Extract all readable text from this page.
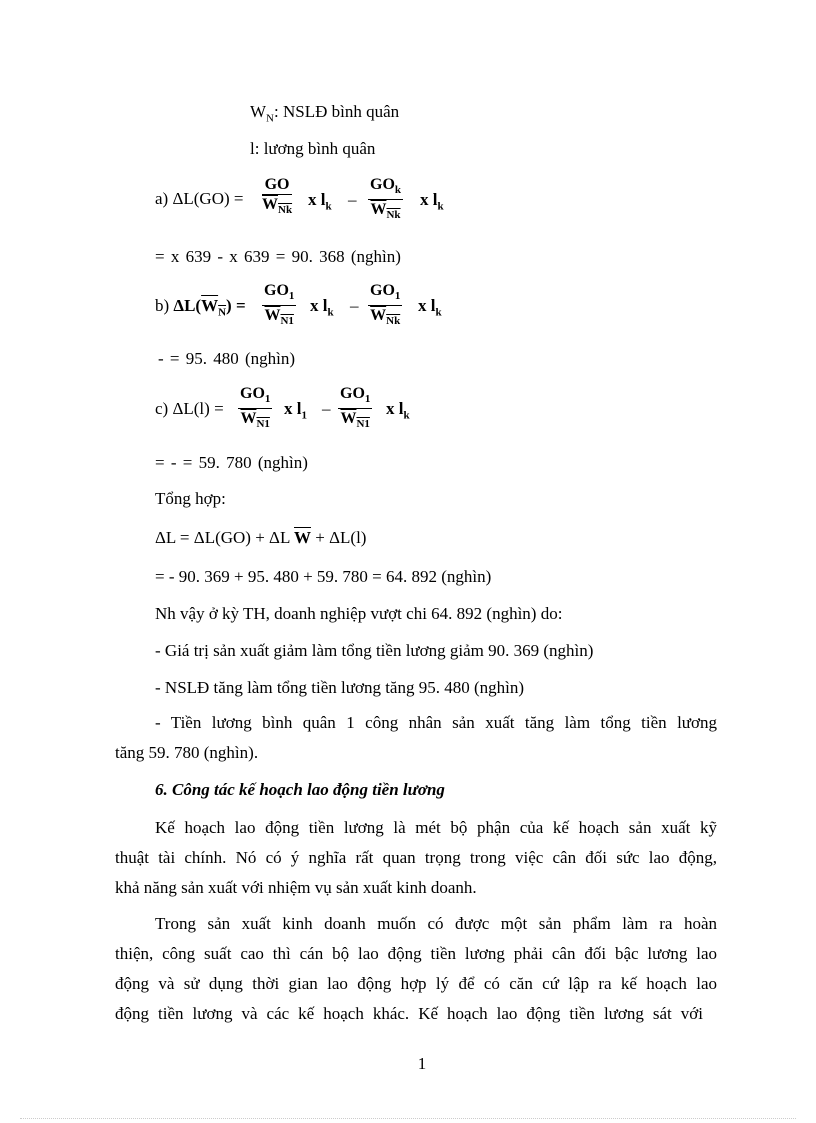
$W_N$: NSLĐ bình quân
l: lương bình quân
a) ΔL(GO) =
GO
$W_{Nk}$
x $l_k$ –
$GO_k$
$W_{Nk}$
x $l_k$
= x 639 - x 639 = 90. 368 (nghìn)
b) $\Delta L(W_N) = \frac{GO_1}{W_{N1}}$ x $l_k$ –
$GO_1$
$W_{Nk}$
x $l_k$
- = 95. 480 (nghìn)
c) $\Delta L(l) = \frac{GO_1}{W_{N1}}$ x $l_1 - \frac{GO_1}{W_{N1}}$ x $l_k$
= - = 59. 780 (nghìn)
Tổng hợp:
ΔL = ΔL(GO) + ΔL $\overline{W} + \Delta L(l)$
= - 90. 369 + 95. 480 + 59. 780 = 64. 892 (nghìn)
Nh vậy ở kỳ TH, doanh nghiệp vượt chi 64. 892 (nghìn) do:
- Giá trị sản xuất giảm làm tổng tiền lương giảm 90. 369 (nghìn)
- NSLĐ tăng làm tổng tiền lương tăng 95. 480 (nghìn)
- Tiền lương bình quân 1 công nhân sản xuất tăng làm tổng tiền lương
tăng 59. 780 (nghìn).
6. Công tác kế hoạch lao động tiền lương
Kế hoạch lao động tiền lương là mét bộ phận của kế hoạch sản xuất kỹ
thuật tài chính. Nó có ý nghĩa rất quan trọng trong việc cân đối sức lao động,
khả năng sản xuất với nhiệm vụ sản xuất kinh doanh.
Trong sản xuất kinh doanh muốn có được một sản phẩm làm ra hoàn
thiện, công suất cao thì cán bộ lao động tiền lương phải cân đối bậc lương lao
động và sử dụng thời gian lao động hợp lý để có căn cứ lập ra kế hoạch lao
động tiền lương và các kế hoạch khác. Kế hoạch lao động tiền lương sát với
1
